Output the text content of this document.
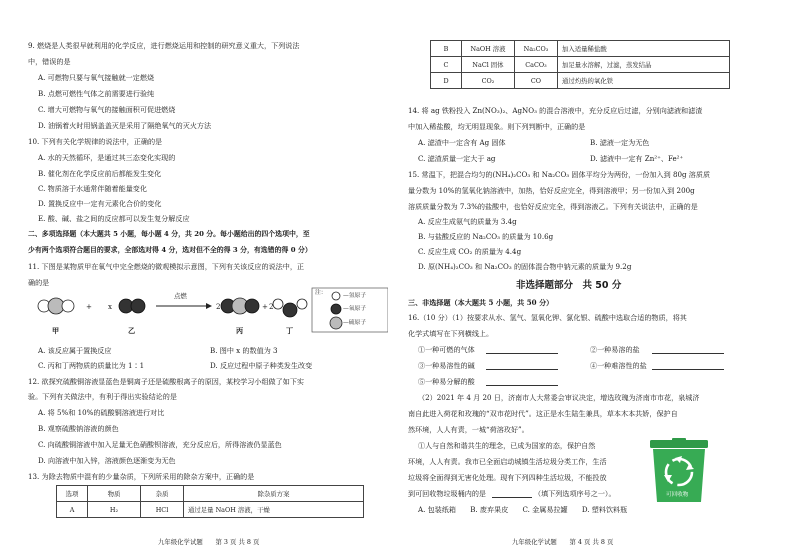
9. 燃烧是人类很早就利用的化学反应，进行燃烧运用和控制的研究意义重大，下列说法
中，错误的是
A. 可燃物只要与氧气接触就一定燃烧
B. 点燃可燃性气体之前需要进行验纯
C. 增大可燃物与氧气的接触面积可促进燃烧
D. 油锅着火时用锅盖盖灭是采用了隔绝氧气的灭火方法
10. 下列有关化学规律的说法中，正确的是
A. 水的天然循环，是通过其三态变化实现的
B. 催化剂在化学反应前后都能发生变化
C. 物质溶于水通常伴随着能量变化
D. 置换反应中一定有元素化合价的变化
E. 酸、碱、盐之间的反应都可以发生复分解反应
二、多项选择题（本大题共 5 小题，每小题 4 分，共 20 分。每小题给出的四个选项中，至
少有两个选项符合题目的要求，全部选对得 4 分，选对但不全的得 3 分，有选错的得 0 分）
11. 下图是某物质甲在氧气中完全燃烧的微观模拟示意图，下列有关该反应的说法中，正
确的是
+ x
点燃
2	+ 2
甲	乙	丙	丁
注：	—氢原子
—氧原子
—硫原子
A. 该反应属于置换反应	B. 图中 x 的数值为 3
C. 丙和丁两物质的质量比为 1∶1	D. 反应过程中原子种类发生改变
12. 欲探究硫酸铜溶液显蓝色是铜离子还是硫酸根离子的原因，某校学习小组做了如下实
验。下列有关做法中，有利于得出实验结论的是
A. 将 5%和 10%的硫酸铜溶液进行对比
B. 观察硫酸钠溶液的颜色
C. 向硫酸铜溶液中加入足量无色硝酸钡溶液，充分反应后，所得溶液仍显蓝色
D. 向溶液中加入锌，溶液颜色逐渐变为无色
13. 为除去物质中混有的少量杂质，下列所采用的除杂方案中，正确的是
选项	物质	杂质	除杂质方案
A	H₂	HCl	通过足量 NaOH 溶液，干燥
九年级化学试题　　第 3 页 共 8 页
B	NaOH 溶液	Na₂CO₃	加入适量稀盐酸
C	NaCl 固体	CaCO₃	加足量水溶解，过滤，蒸发结晶
D	CO₂	CO	通过灼热的氧化铁
14. 将 ag 铁粉投入 Zn(NO₃)₂、AgNO₃ 的混合溶液中，充分反应后过滤，分别向滤液和滤渣
中加入稀盐酸，均无明显现象。则下列判断中，正确的是
A. 滤渣中一定含有 Ag 固体	B. 滤液一定为无色
C. 滤渣质量一定大于 ag	D. 滤液中一定有 Zn²⁺、Fe²⁺
15. 常温下，把混合均匀的(NH₄)₂CO₃ 和 Na₂CO₃ 固体平均分为两份，一份加入到 80g 溶质质
量分数为 10%的氢氧化钠溶液中，加热，恰好反应完全，得到溶液甲；另一份加入到 200g
溶质质量分数为 7.3%的盐酸中，也恰好反应完全，得到溶液乙。下列有关说法中，正确的是
A. 反应生成氨气的质量为 3.4g
B. 与盐酸反应的 Na₂CO₃ 的质量为 10.6g
C. 反应生成 CO₂ 的质量为 4.4g
D. 原(NH₄)₂CO₃ 和 Na₂CO₃ 的固体混合物中钠元素的质量为 9.2g
非选择题部分　共 50 分
三、非选择题（本大题共 5 小题，共 50 分）
16.（10 分）（1）按要求从水、氢气、氢氧化钾、氯化银、硫酸中选取合适的物质，将其
化学式填写在下列横线上。
①一种可燃的气体	②一种易溶的盐
③一种易溶性的碱	④一种难溶性的盐
⑤一种易分解的酸
（2）2021 年 4 月 20 日，济南市人大常委会审议决定，增选玫瑰为济南市市花，泉城济
南自此进入荷花和玫瑰的“双市花时代”。这正是水生陆生兼具，草本木本共娇，保护自
然环境，人人有责，一城“荷溶玫好”。
①人与自然和谐共生的理念，已成为国家的态，保护自然
环境，人人有责。我市已全面启动城镇生活垃圾分类工作，生活
垃圾将全面得到无害化处理。现有下列四种生活垃圾，不能投放
到可回收物垃圾桶内的是	（填下列选项序号之一）。
A. 包装纸箱　　B. 废弃果皮　　C. 金属易拉罐　　D. 塑料饮料瓶
可回收物
九年级化学试题　　第 4 页 共 8 页
